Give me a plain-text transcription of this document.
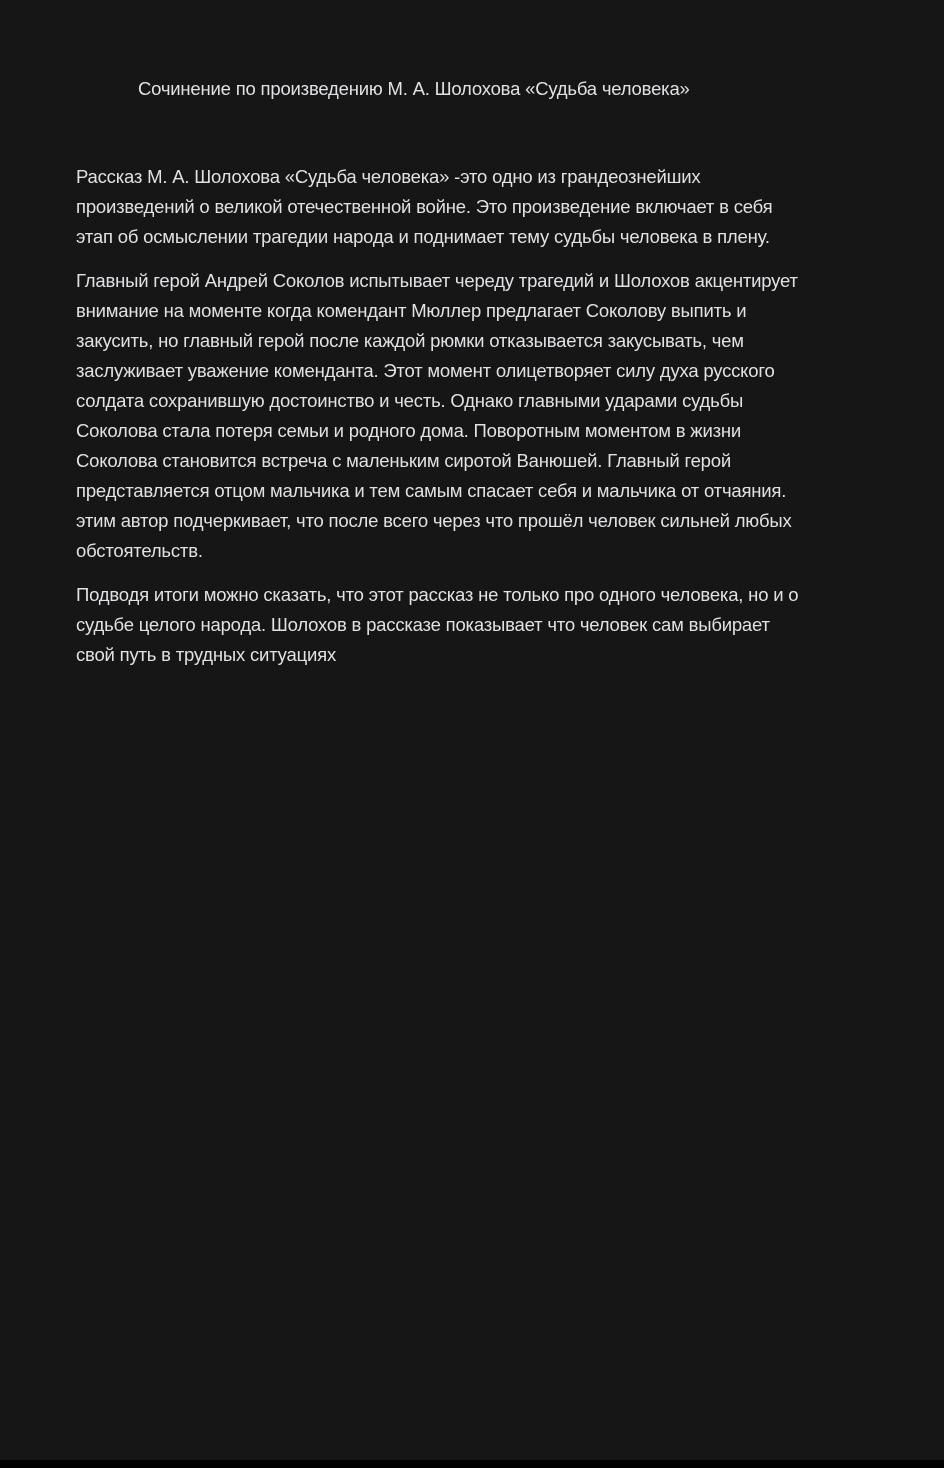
Сочинение по произведению М. А. Шолохова «Судьба человека»

Рассказ М. А. Шолохова «Судьба человека» -это одно из грандеознейших
произведений о великой отечественной войне. Это произведение включает в себя
этап об осмыслении трагедии народа и поднимает тему судьбы человека в плену.

Главный герой Андрей Соколов испытывает череду трагедий и Шолохов акцентирует
внимание на моменте когда комендант Мюллер предлагает Соколову выпить и
закусить, но главный герой после каждой рюмки отказывается закусывать, чем
заслуживает уважение коменданта. Этот момент олицетворяет силу духа русского
солдата сохранившую достоинство и честь. Однако главными ударами судьбы
Соколова стала потеря семьи и родного дома. Поворотным моментом в жизни
Соколова становится встреча с маленьким сиротой Ванюшей. Главный герой
представляется отцом мальчика и тем самым спасает себя и мальчика от отчаяния.
этим автор подчеркивает, что после всего через что прошёл человек сильней любых
обстоятельств.

Подводя итоги можно сказать, что этот рассказ не только про одного человека, но и о
судьбе целого народа. Шолохов в рассказе показывает что человек сам выбирает
свой путь в трудных ситуациях
